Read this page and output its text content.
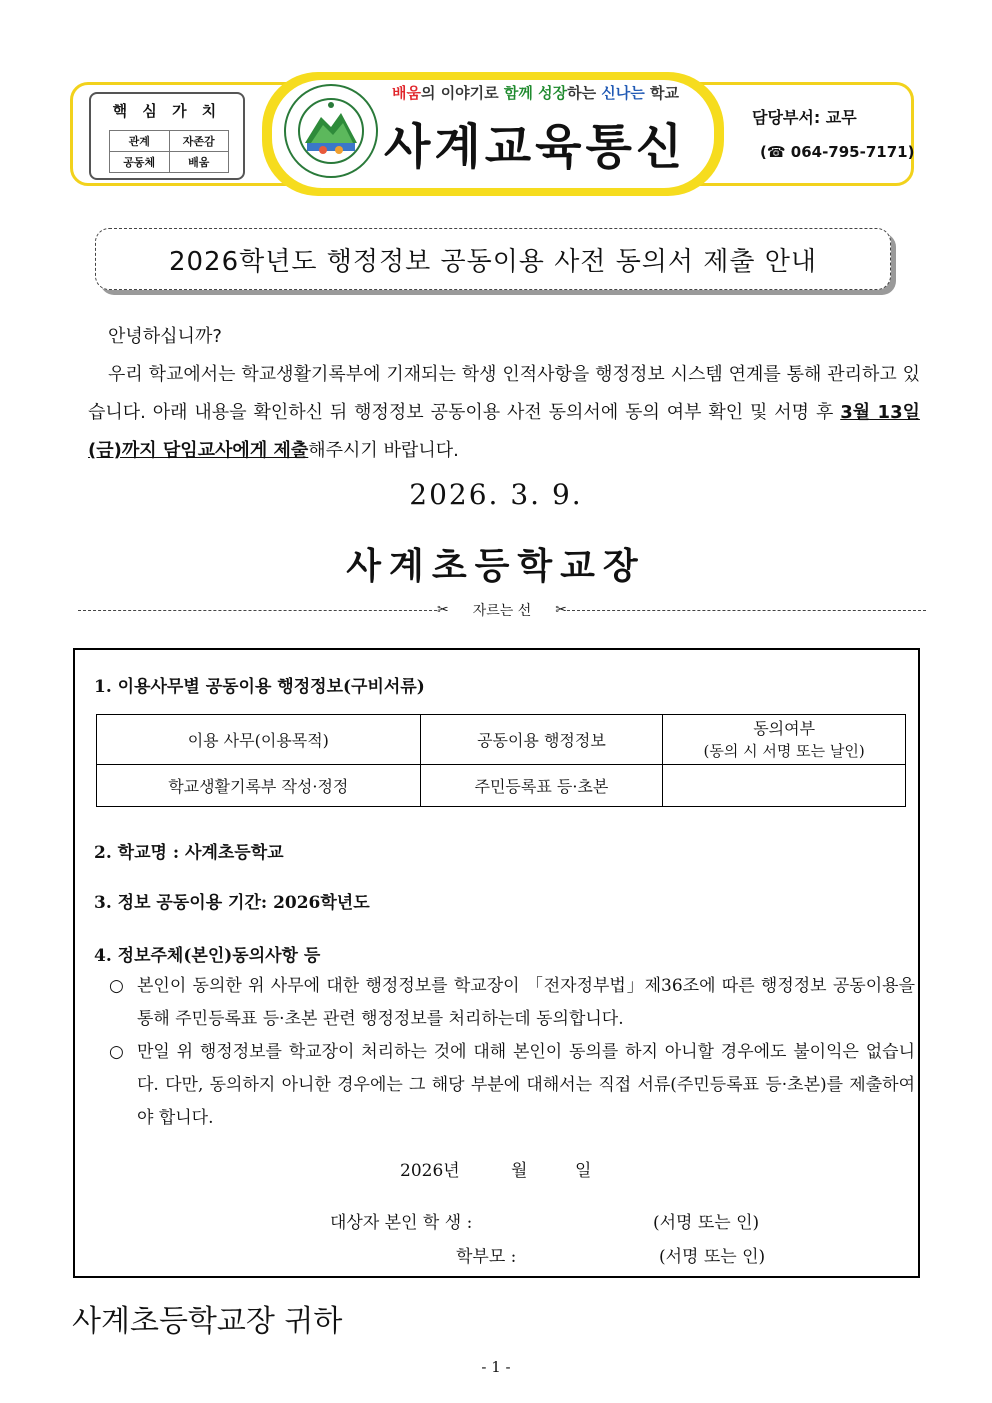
핵 심 가 치
관계	자존감
공동체	배움
배움의 이야기로 함께 성장하는 신나는 학교
사계교육통신
담당부서: 교무
(☎ 064-795-7171)
2026학년도 행정정보 공동이용 사전 동의서 제출 안내

안녕하십니까?

우리 학교에서는 학교생활기록부에 기재되는 학생 인적사항을 행정정보 시스템 연계를 통해 관리하고 있습니다. 아래 내용을 확인하신 뒤 행정정보 공동이용 사전 동의서에 동의 여부 확인 및 서명 후 3월 13일(금)까지 담임교사에게 제출해주시기 바랍니다.

2026. 3. 9.
사계초등학교장
✂ 자르는 선 ✂
1. 이용사무별 공동이용 행정정보(구비서류)
이용 사무(이용목적)	공동이용 행정정보	동의여부
(동의 시 서명 또는 날인)
학교생활기록부 작성·정정	주민등록표 등·초본	
2. 학교명 : 사계초등학교
3. 정보 공동이용 기간: 2026학년도
4. 정보주체(본인)동의사항 등
○ 본인이 동의한 위 사무에 대한 행정정보를 학교장이 「전자정부법」제36조에 따른 행정정보 공동이용을 통해 주민등록표 등·초본 관련 행정정보를 처리하는데 동의합니다.
○ 만일 위 행정정보를 학교장이 처리하는 것에 대해 본인이 동의를 하지 아니할 경우에도 불이익은 없습니다. 다만, 동의하지 아니한 경우에는 그 해당 부분에 대해서는 직접 서류(주민등록표 등·초본)를 제출하여야 합니다.
2026년	월	일
대상자 본인 학 생 :	(서명 또는 인)
학부모 :	(서명 또는 인)
사계초등학교장 귀하
- 1 -
